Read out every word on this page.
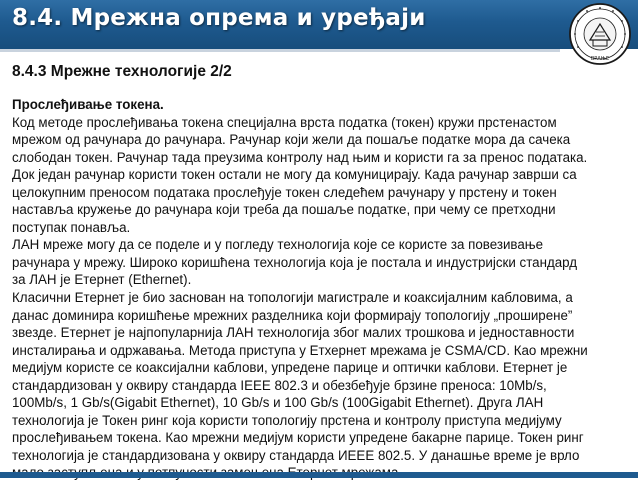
8.4. Мрежна опрема и уређаји
ВРАЊЕ
8.4.3 Мрежне технологије 2/2
Прослеђивање токена.
Код методе прослеђивања токена специјална врста податка (токен) кружи прстенастом
мрежом од рачунара до рачунара. Рачунар који жели да пошаље податке мора да сачека
слободан токен. Рачунар тада преузима контролу над њим и користи га за пренос података.
Док један рачунар користи токен остали не могу да комуницирају. Када рачунар заврши са
целокупним преносом података прослеђује токен следећем рачунару у прстену и токен
наставља кружење до рачунара који треба да пошаље податке, при чему се претходни
поступак понавља.
ЛАН мреже могу да се поделе и у погледу технологија које се користе за повезивање
рачунара у мрежу. Широко коришћена технологија која је постала и индустријски стандард
за ЛАН је Етернет (Ethernet).
Класични Етернет је био заснован на топологији магистрале и коаксијалним кабловима, а
данас доминира коришћење мрежних разделника који формирају топологију „проширене”
звезде. Етернет је најпопуларнија ЛАН технологија због малих трошкова и једноставности
инсталирања и одржавања. Метода приступа у Етхернет мрежама је CSMA/CD. Као мрежни
медијум користе се коаксијални каблови, упредене парице и оптички каблови. Етернет је
стандардизован у оквиру стандарда IEEE 802.3 и обезбеђује брзине преноса: 10Mb/s,
100Mb/s, 1 Gb/s(Gigabit Ethernet), 10 Gb/s и 100 Gb/s (100Gigabit Ethernet). Друга ЛАН
технологија је Токен ринг која користи топологију прстена и контролу приступа медијуму
прослеђивањем токена. Као мрежни медијум користи упредене бакарне парице. Токен ринг
технологија је стандардизована у оквиру стандарда ИЕЕЕ 802.5. У данашње време је врло
